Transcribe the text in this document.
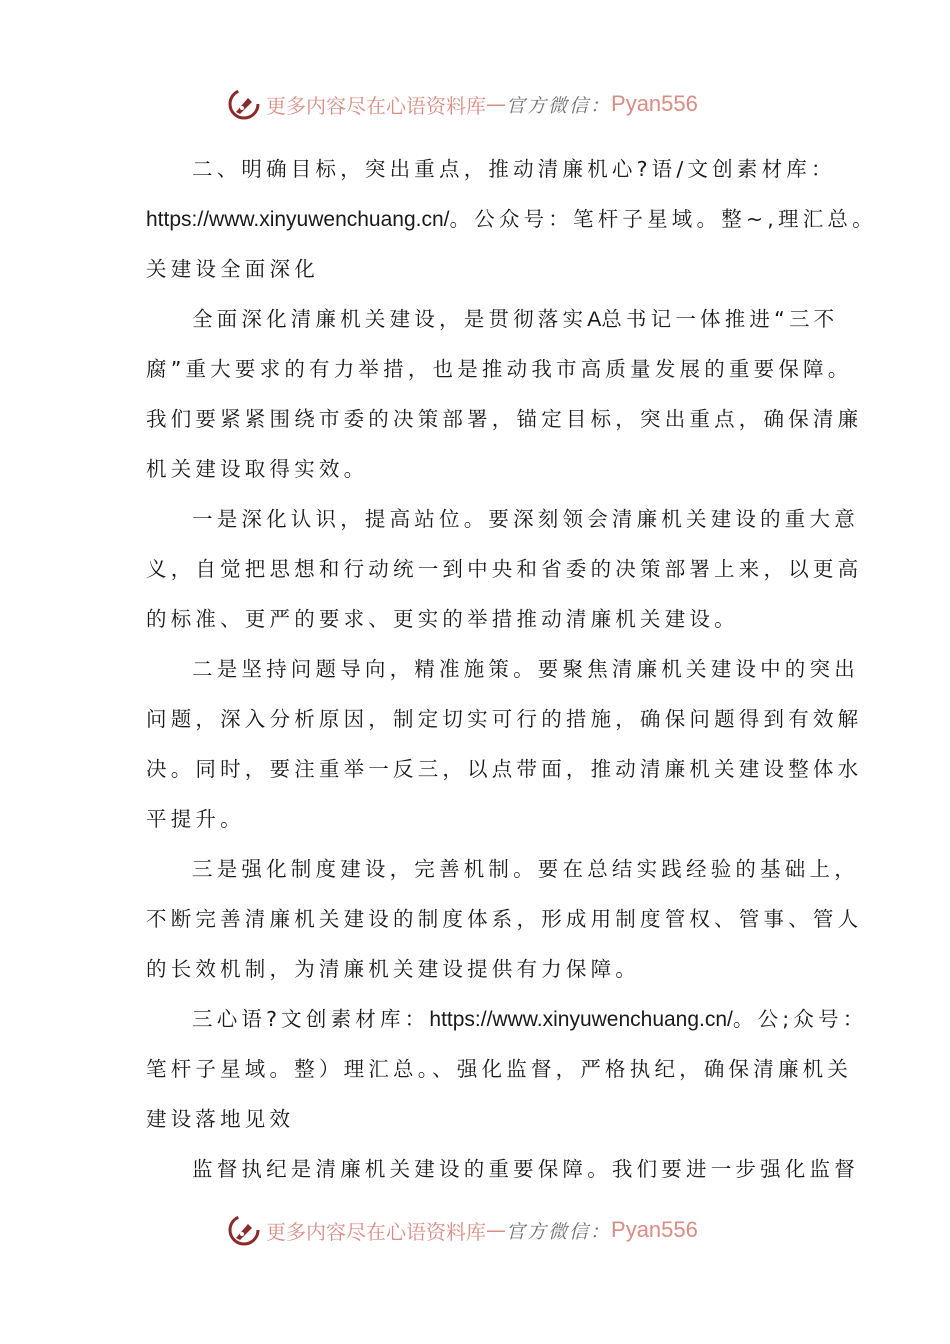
更多内容尽在心语资料库 — 官方微信： Pyan556
二、明确目标，突出重点，推动清廉机心?语/文创素材库：
https://www.xinyuwenchuang.cn/。公众号：笔杆子星域。整~,理汇总。
关建设全面深化
全面深化清廉机关建设，是贯彻落实A总书记一体推进“三不
腐”重大要求的有力举措，也是推动我市高质量发展的重要保障。
我们要紧紧围绕市委的决策部署，锚定目标，突出重点，确保清廉
机关建设取得实效。
一是深化认识，提高站位。要深刻领会清廉机关建设的重大意
义，自觉把思想和行动统一到中央和省委的决策部署上来，以更高
的标准、更严的要求、更实的举措推动清廉机关建设。
二是坚持问题导向，精准施策。要聚焦清廉机关建设中的突出
问题，深入分析原因，制定切实可行的措施，确保问题得到有效解
决。同时，要注重举一反三，以点带面，推动清廉机关建设整体水
平提升。
三是强化制度建设，完善机制。要在总结实践经验的基础上，
不断完善清廉机关建设的制度体系，形成用制度管权、管事、管人
的长效机制，为清廉机关建设提供有力保障。
三心语?文创素材库：https://www.xinyuwenchuang.cn/。公;众号：
笔杆子星域。整）理汇总。、强化监督，严格执纪，确保清廉机关
建设落地见效
监督执纪是清廉机关建设的重要保障。我们要进一步强化监督
更多内容尽在心语资料库 — 官方微信： Pyan556
